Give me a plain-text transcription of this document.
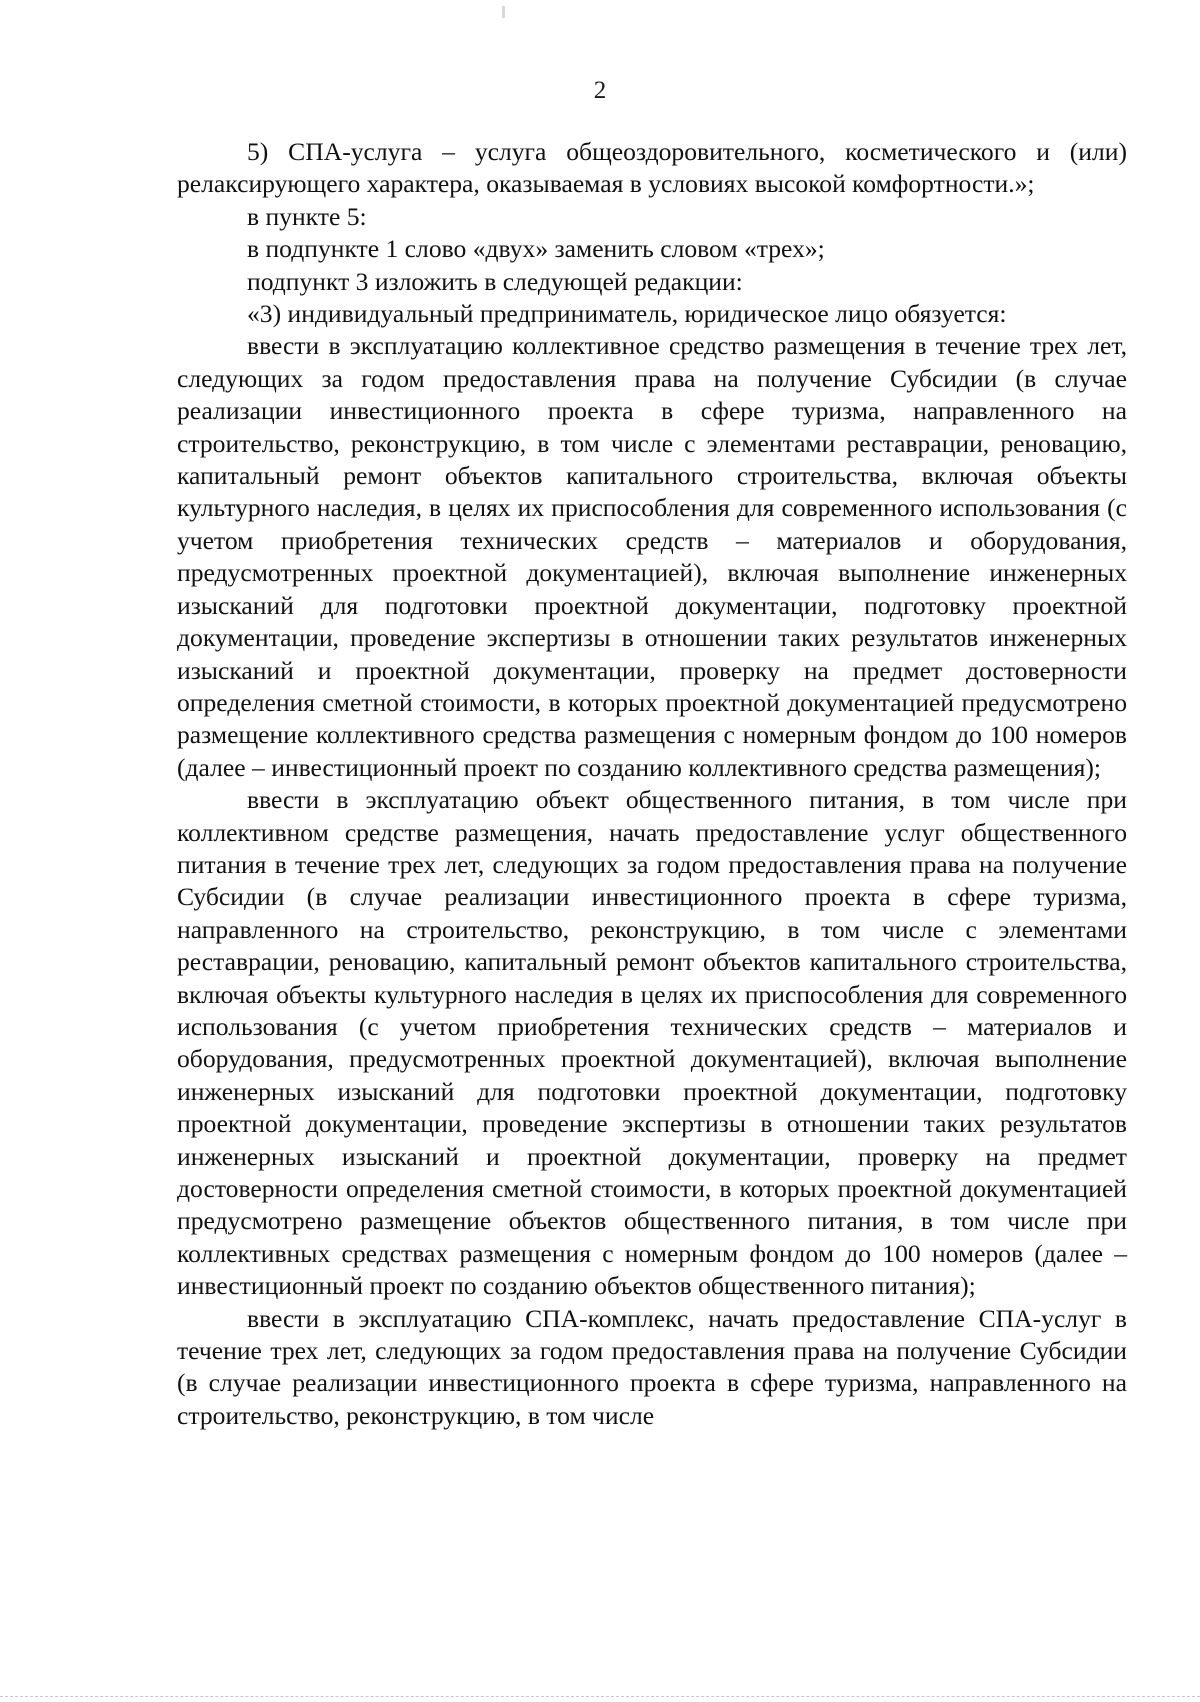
2

5) СПА-услуга – услуга общеоздоровительного, косметического и (или) релаксирующего характера, оказываемая в условиях высокой комфортности.»;

в пункте 5:

в подпункте 1 слово «двух» заменить словом «трех»;

подпункт 3 изложить в следующей редакции:

«3) индивидуальный предприниматель, юридическое лицо обязуется:

ввести в эксплуатацию коллективное средство размещения в течение трех лет, следующих за годом предоставления права на получение Субсидии (в случае реализации инвестиционного проекта в сфере туризма, направленного на строительство, реконструкцию, в том числе с элементами реставрации, реновацию, капитальный ремонт объектов капитального строительства, включая объекты культурного наследия, в целях их приспособления для современного использования (с учетом приобретения технических средств – материалов и оборудования, предусмотренных проектной документацией), включая выполнение инженерных изысканий для подготовки проектной документации, подготовку проектной документации, проведение экспертизы в отношении таких результатов инженерных изысканий и проектной документации, проверку на предмет достоверности определения сметной стоимости, в которых проектной документацией предусмотрено размещение коллективного средства размещения с номерным фондом до 100 номеров (далее – инвестиционный проект по созданию коллективного средства размещения);

ввести в эксплуатацию объект общественного питания, в том числе при коллективном средстве размещения, начать предоставление услуг общественного питания в течение трех лет, следующих за годом предоставления права на получение Субсидии (в случае реализации инвестиционного проекта в сфере туризма, направленного на строительство, реконструкцию, в том числе с элементами реставрации, реновацию, капитальный ремонт объектов капитального строительства, включая объекты культурного наследия в целях их приспособления для современного использования (с учетом приобретения технических средств – материалов и оборудования, предусмотренных проектной документацией), включая выполнение инженерных изысканий для подготовки проектной документации, подготовку проектной документации, проведение экспертизы в отношении таких результатов инженерных изысканий и проектной документации, проверку на предмет достоверности определения сметной стоимости, в которых проектной документацией предусмотрено размещение объектов общественного питания, в том числе при коллективных средствах размещения с номерным фондом до 100 номеров (далее – инвестиционный проект по созданию объектов общественного питания);

ввести в эксплуатацию СПА-комплекс, начать предоставление СПА-услуг в течение трех лет, следующих за годом предоставления права на получение Субсидии (в случае реализации инвестиционного проекта в сфере туризма, направленного на строительство, реконструкцию, в том числе
